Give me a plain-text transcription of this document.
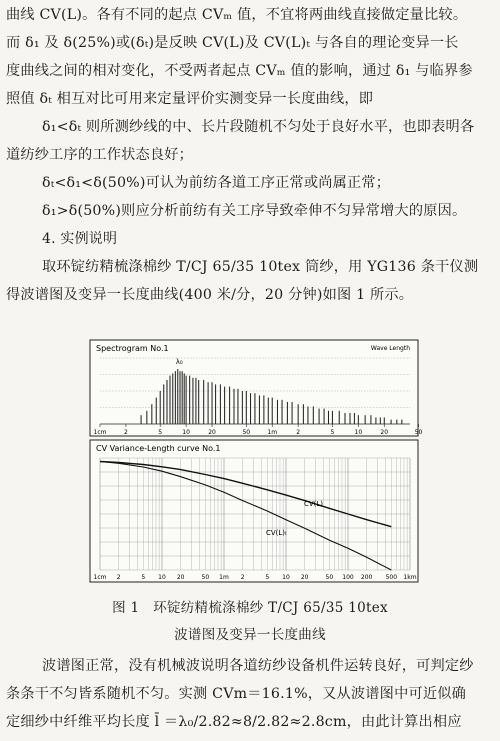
曲线 CV(L)。各有不同的起点 CVₘ 值，不宜将两曲线直接做定量比较。
而 δ₁ 及 δ(25%)或(δₜ)是反映 CV(L)及 CV(L)ₜ 与各自的理论变异一长
度曲线之间的相对变化，不受两者起点 CVₘ 值的影响，通过 δ₁ 与临界参
照值 δₜ 相互对比可用来定量评价实测变异一长度曲线，即
δ₁<δₜ 则所测纱线的中、长片段随机不匀处于良好水平，也即表明各
道纺纱工序的工作状态良好；
δₜ<δ₁<δ(50%)可认为前纺各道工序正常或尚属正常；
δ₁>δ(50%)则应分析前纺有关工序导致牵伸不匀异常增大的原因。
4. 实例说明
取环锭纺精梳涤棉纱 T/CJ 65/35 10tex 筒纱，用 YG136 条干仪测
得波谱图及变异一长度曲线(400 米/分，20 分钟)如图 1 所示。
Spectrogram No.1	Wave Length
λ₀
1cm	2	5	10	20	50	1m	2	5	10	20	50
CV Variance-Length curve No.1
CV(L)
CV(L)ₜ
1cm 2	5 10 20	50 1m 2	5 10 20	50 100 200 500 1km
图 1　环锭纺精梳涤棉纱 T/CJ 65/35 10tex
波谱图及变异一长度曲线
波谱图正常，没有机械波说明各道纺纱设备机件运转良好，可判定纱
条条干不匀皆系随机不匀。实测 CVm＝16.1%，又从波谱图中可近似确
定细纱中纤维平均长度 l̄ ＝λ₀/2.82≈8/2.82≈2.8cm，由此计算出相应
